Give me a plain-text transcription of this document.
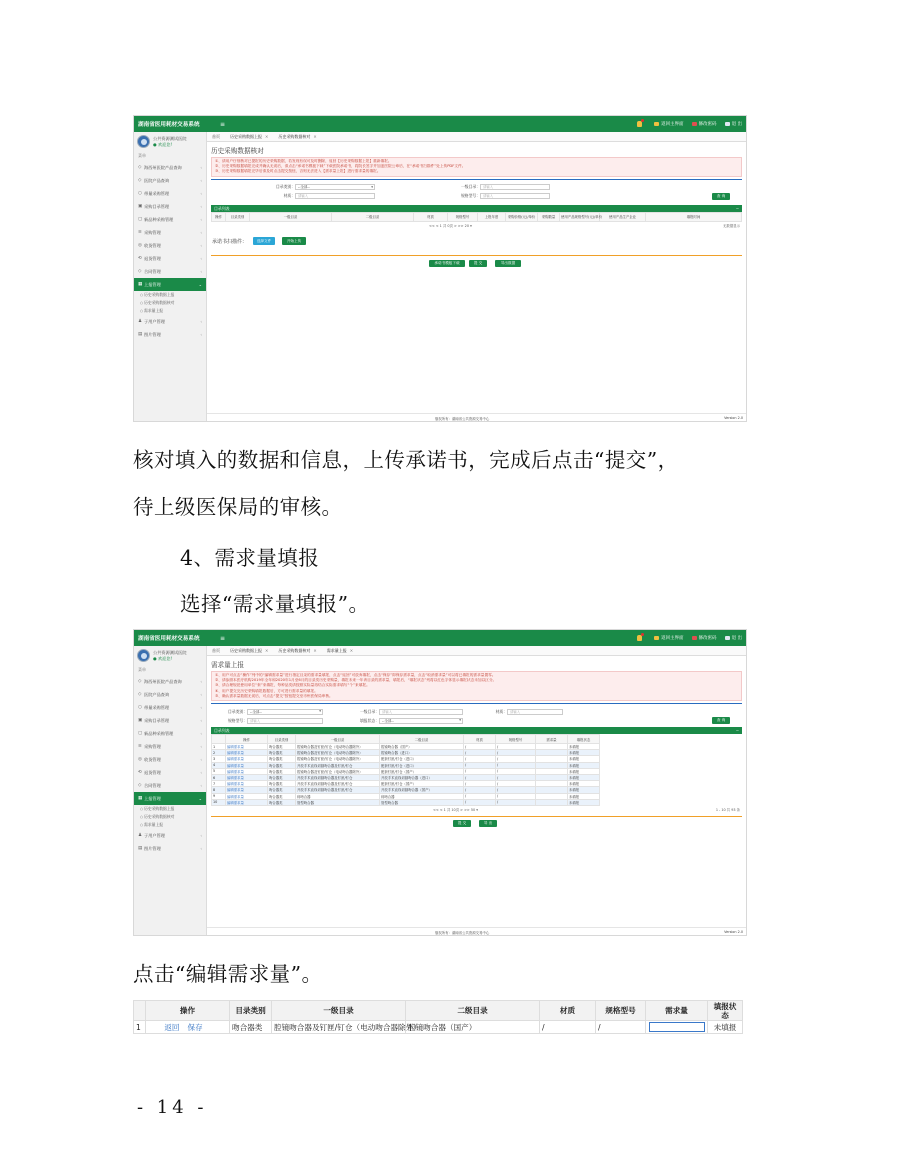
湖南省医用耗材交易系统	≡	返回主界面	修改密码	退 出
公共资源测试医院
● 欢迎您!
菜单
◇ 海西州医院产品查询	‹
◇ 医院产品查询	‹
○ 带量采购管理	‹
▣ 采购目录管理	‹
▢ 新品种采购管理	‹
≡ 采购管理	‹
◎ 收货管理	‹
⟲ 退货管理	‹
◇ 合同管理	‹
▦ 上报管理	⌄
○ 历史采购数据上报
○ 历史采购数据核对
○ 需求量上报
♟ 子用户管理	‹
▤ 图片管理	‹
首页	历史采购数据上报 ✕	历史采购数据核对 ✕
历史采购数据核对
①、请用户仔细核对已提报的历史采购数据，若发现有误可及时删除，返回【历史采购数据上报】重新填报。
②、历史采购数据填报完成并确认无误后，请点击“承诺书模板下载”下载医院承诺书，将院长签字并加盖医院公章后，在“承诺书扫描件”处上传PDF文件。
③、历史采购数据填报完毕后请及时点击提交按钮，否则无法进入【需求量上报】进行需求量的填报。
目录类别： --全部-- ▾	一级目录： 请输入
材质： 请输入	规格型号： 请输入	查 询
目录列表	−
操作	目录类别	一级目录	二级目录	材质	规格型号	上报年度	采购价格(元)/单价	采购数量	使用产品规格型号(元)/单价	使用产品生产企业	填报时间
<< < 1 共 0页 > >> 20 ▾	无数据显示
承诺书扫描件：	选择文件	开始上传
承诺书模板下载	提 交	导出数据
版权所有：湖南省公共资源交易中心	Version 2.0
核对填入的数据和信息，上传承诺书，完成后点击“提交”，
待上级医保局的审核。
4、需求量填报
选择“需求量填报”。
湖南省医用耗材交易系统	≡	返回主界面	修改密码	退 出
公共资源测试医院
● 欢迎您!
菜单
◇ 海西州医院产品查询	‹
◇ 医院产品查询	‹
○ 带量采购管理	‹
▣ 采购目录管理	‹
▢ 新品种采购管理	‹
≡ 采购管理	‹
◎ 收货管理	‹
⟲ 退货管理	‹
◇ 合同管理	‹
▦ 上报管理	⌄
○ 历史采购数据上报
○ 历史采购数据核对
○ 需求量上报
♟ 子用户管理	‹
▤ 图片管理	‹
首页	历史采购数据上报 ✕	历史采购数据核对 ✕	需求量上报 ✕
需求量上报
①、用户可点击“操作”列中的“编辑需求量”进行指定目录的需求量填报，点击“返回”可放弃填报，点击“保存”即保存需求量，点击“取消需求量”可以将已填报的需求量置零。
②、请参照本医疗机构2019年全年和2020年1月至6月的目录类历史采购量，填报未来一年该目录的需求量，填报后，“填报状态”列将以红色字体显示填报状态未加以区分。
③、请合理规范使用单位“套”来填报，每种品类请按照实际量再结合实际需求填写“个”来填报。
④、用户提交完历史采购填报数据后，方可进行需求量的填报。
⑤、确认需求量数据无误后，可点击“提交”按钮提交至市州医保局审核。
目录类别： --全部-- ▾	一级目录： 请输入	材质： 请输入
规格型号： 请输入	填报状态： --全部-- ▾	查 询
目录列表	−
	操作	目录类别	一级目录	二级目录	材质	规格型号	需求量	填报状态
1	编辑需求量	吻合器类	腔镜吻合器及钉匣/钉仓（电动吻合器除外）	腔镜吻合器（国产）	/	/		未填报
2	编辑需求量	吻合器类	腔镜吻合器及钉匣/钉仓（电动吻合器除外）	腔镜吻合器（进口）	/	/		未填报
3	编辑需求量	吻合器类	腔镜吻合器及钉匣/钉仓（电动吻合器除外）	配套钉匣/钉仓（进口）	/	/		未填报
4	编辑需求量	吻合器类	开放手术直线切割吻合器及钉匣/钉仓	配套钉匣/钉仓（进口）	/	/		未填报
5	编辑需求量	吻合器类	腔镜吻合器及钉匣/钉仓（电动吻合器除外）	配套钉匣/钉仓（国产）	/	/		未填报
6	编辑需求量	吻合器类	开放手术直线切割吻合器及钉匣/钉仓	开放手术直线切割吻合器（进口）	/	/		未填报
7	编辑需求量	吻合器类	开放手术直线切割吻合器及钉匣/钉仓	配套钉匣/钉仓（国产）	/	/		未填报
8	编辑需求量	吻合器类	开放手术直线切割吻合器及钉匣/钉仓	开放手术直线切割吻合器（国产）	/	/		未填报
9	编辑需求量	吻合器类	痔吻合器	痔吻合器	/	/		未填报
10	编辑需求量	吻合器类	管型吻合器	管型吻合器	/	/		未填报
<< < 1 共 10页 > >> 50 ▾	1 - 10 共 93 条
提 交	导 出
版权所有：湖南省公共资源交易中心	Version 2.0
点击“编辑需求量”。
	操作	目录类别	一级目录	二级目录	材质	规格型号	需求量	填报状
态
1	返回 保存	吻合器类	腔镜吻合器及钉匣/钉仓（电动吻合器除外）	腔镜吻合器（国产）	/	/		未填报
- 14 -
